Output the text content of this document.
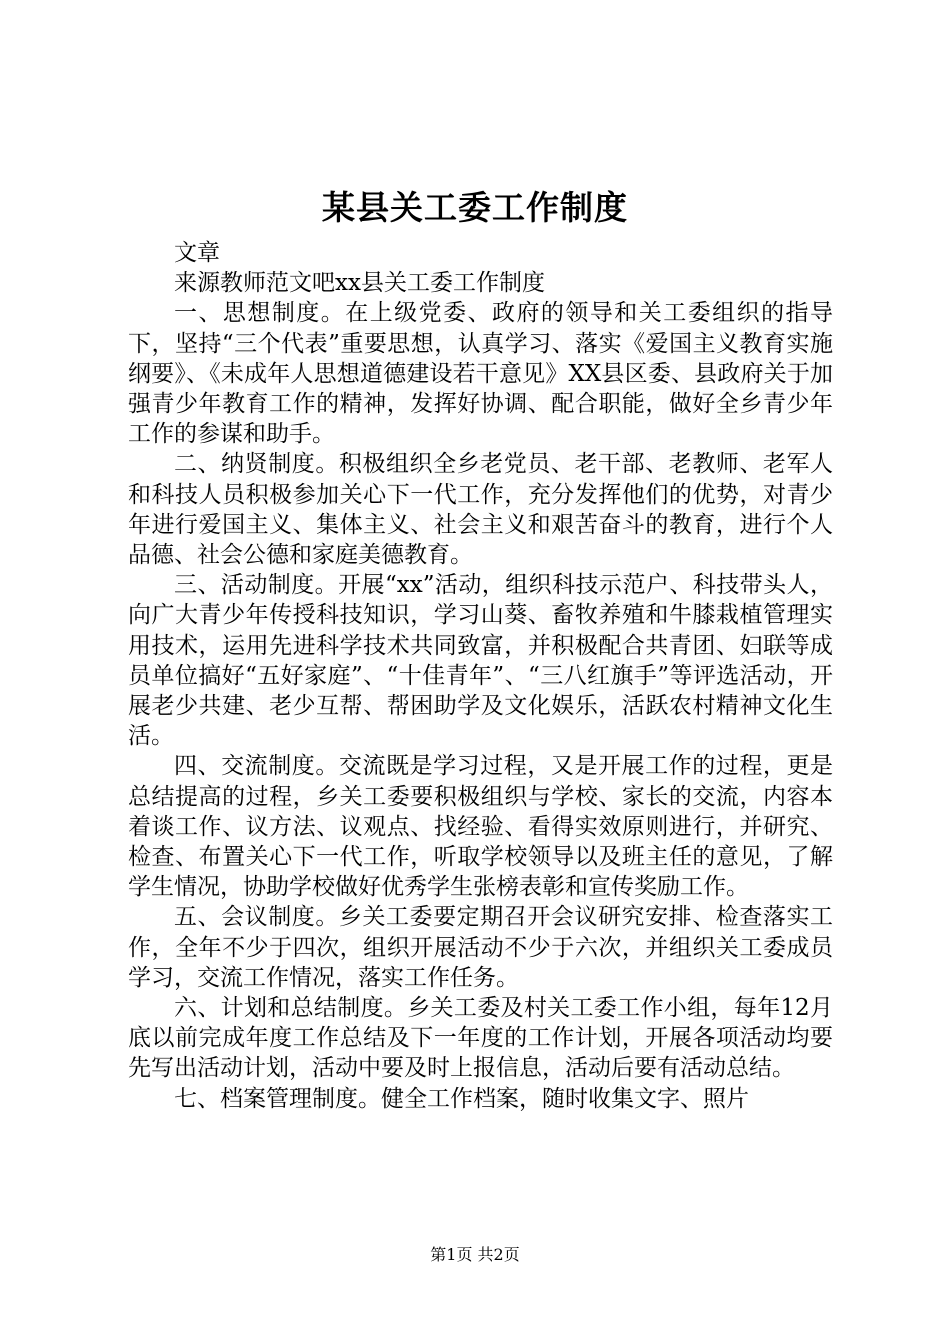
某县关工委工作制度

文章

来源教师范文吧xx县关工委工作制度

一、思想制度。在上级党委、政府的领导和关工委组织的指导下，坚持“三个代表”重要思想，认真学习、落实《爱国主义教育实施纲要》、《未成年人思想道德建设若干意见》XX县区委、县政府关于加强青少年教育工作的精神，发挥好协调、配合职能，做好全乡青少年工作的参谋和助手。

二、纳贤制度。积极组织全乡老党员、老干部、老教师、老军人和科技人员积极参加关心下一代工作，充分发挥他们的优势，对青少年进行爱国主义、集体主义、社会主义和艰苦奋斗的教育，进行个人品德、社会公德和家庭美德教育。

三、活动制度。开展“xx”活动，组织科技示范户、科技带头人，向广大青少年传授科技知识，学习山葵、畜牧养殖和牛膝栽植管理实用技术，运用先进科学技术共同致富，并积极配合共青团、妇联等成员单位搞好“五好家庭”、“十佳青年”、“三八红旗手”等评选活动，开展老少共建、老少互帮、帮困助学及文化娱乐，活跃农村精神文化生活。

四、交流制度。交流既是学习过程，又是开展工作的过程，更是总结提高的过程，乡关工委要积极组织与学校、家长的交流，内容本着谈工作、议方法、议观点、找经验、看得实效原则进行，并研究、检查、布置关心下一代工作，听取学校领导以及班主任的意见，了解学生情况，协助学校做好优秀学生张榜表彰和宣传奖励工作。

五、会议制度。乡关工委要定期召开会议研究安排、检查落实工作，全年不少于四次，组织开展活动不少于六次，并组织关工委成员学习，交流工作情况，落实工作任务。

六、计划和总结制度。乡关工委及村关工委工作小组，每年12月底以前完成年度工作总结及下一年度的工作计划，开展各项活动均要先写出活动计划，活动中要及时上报信息，活动后要有活动总结。

七、档案管理制度。健全工作档案，随时收集文字、照片

第1页 共2页
